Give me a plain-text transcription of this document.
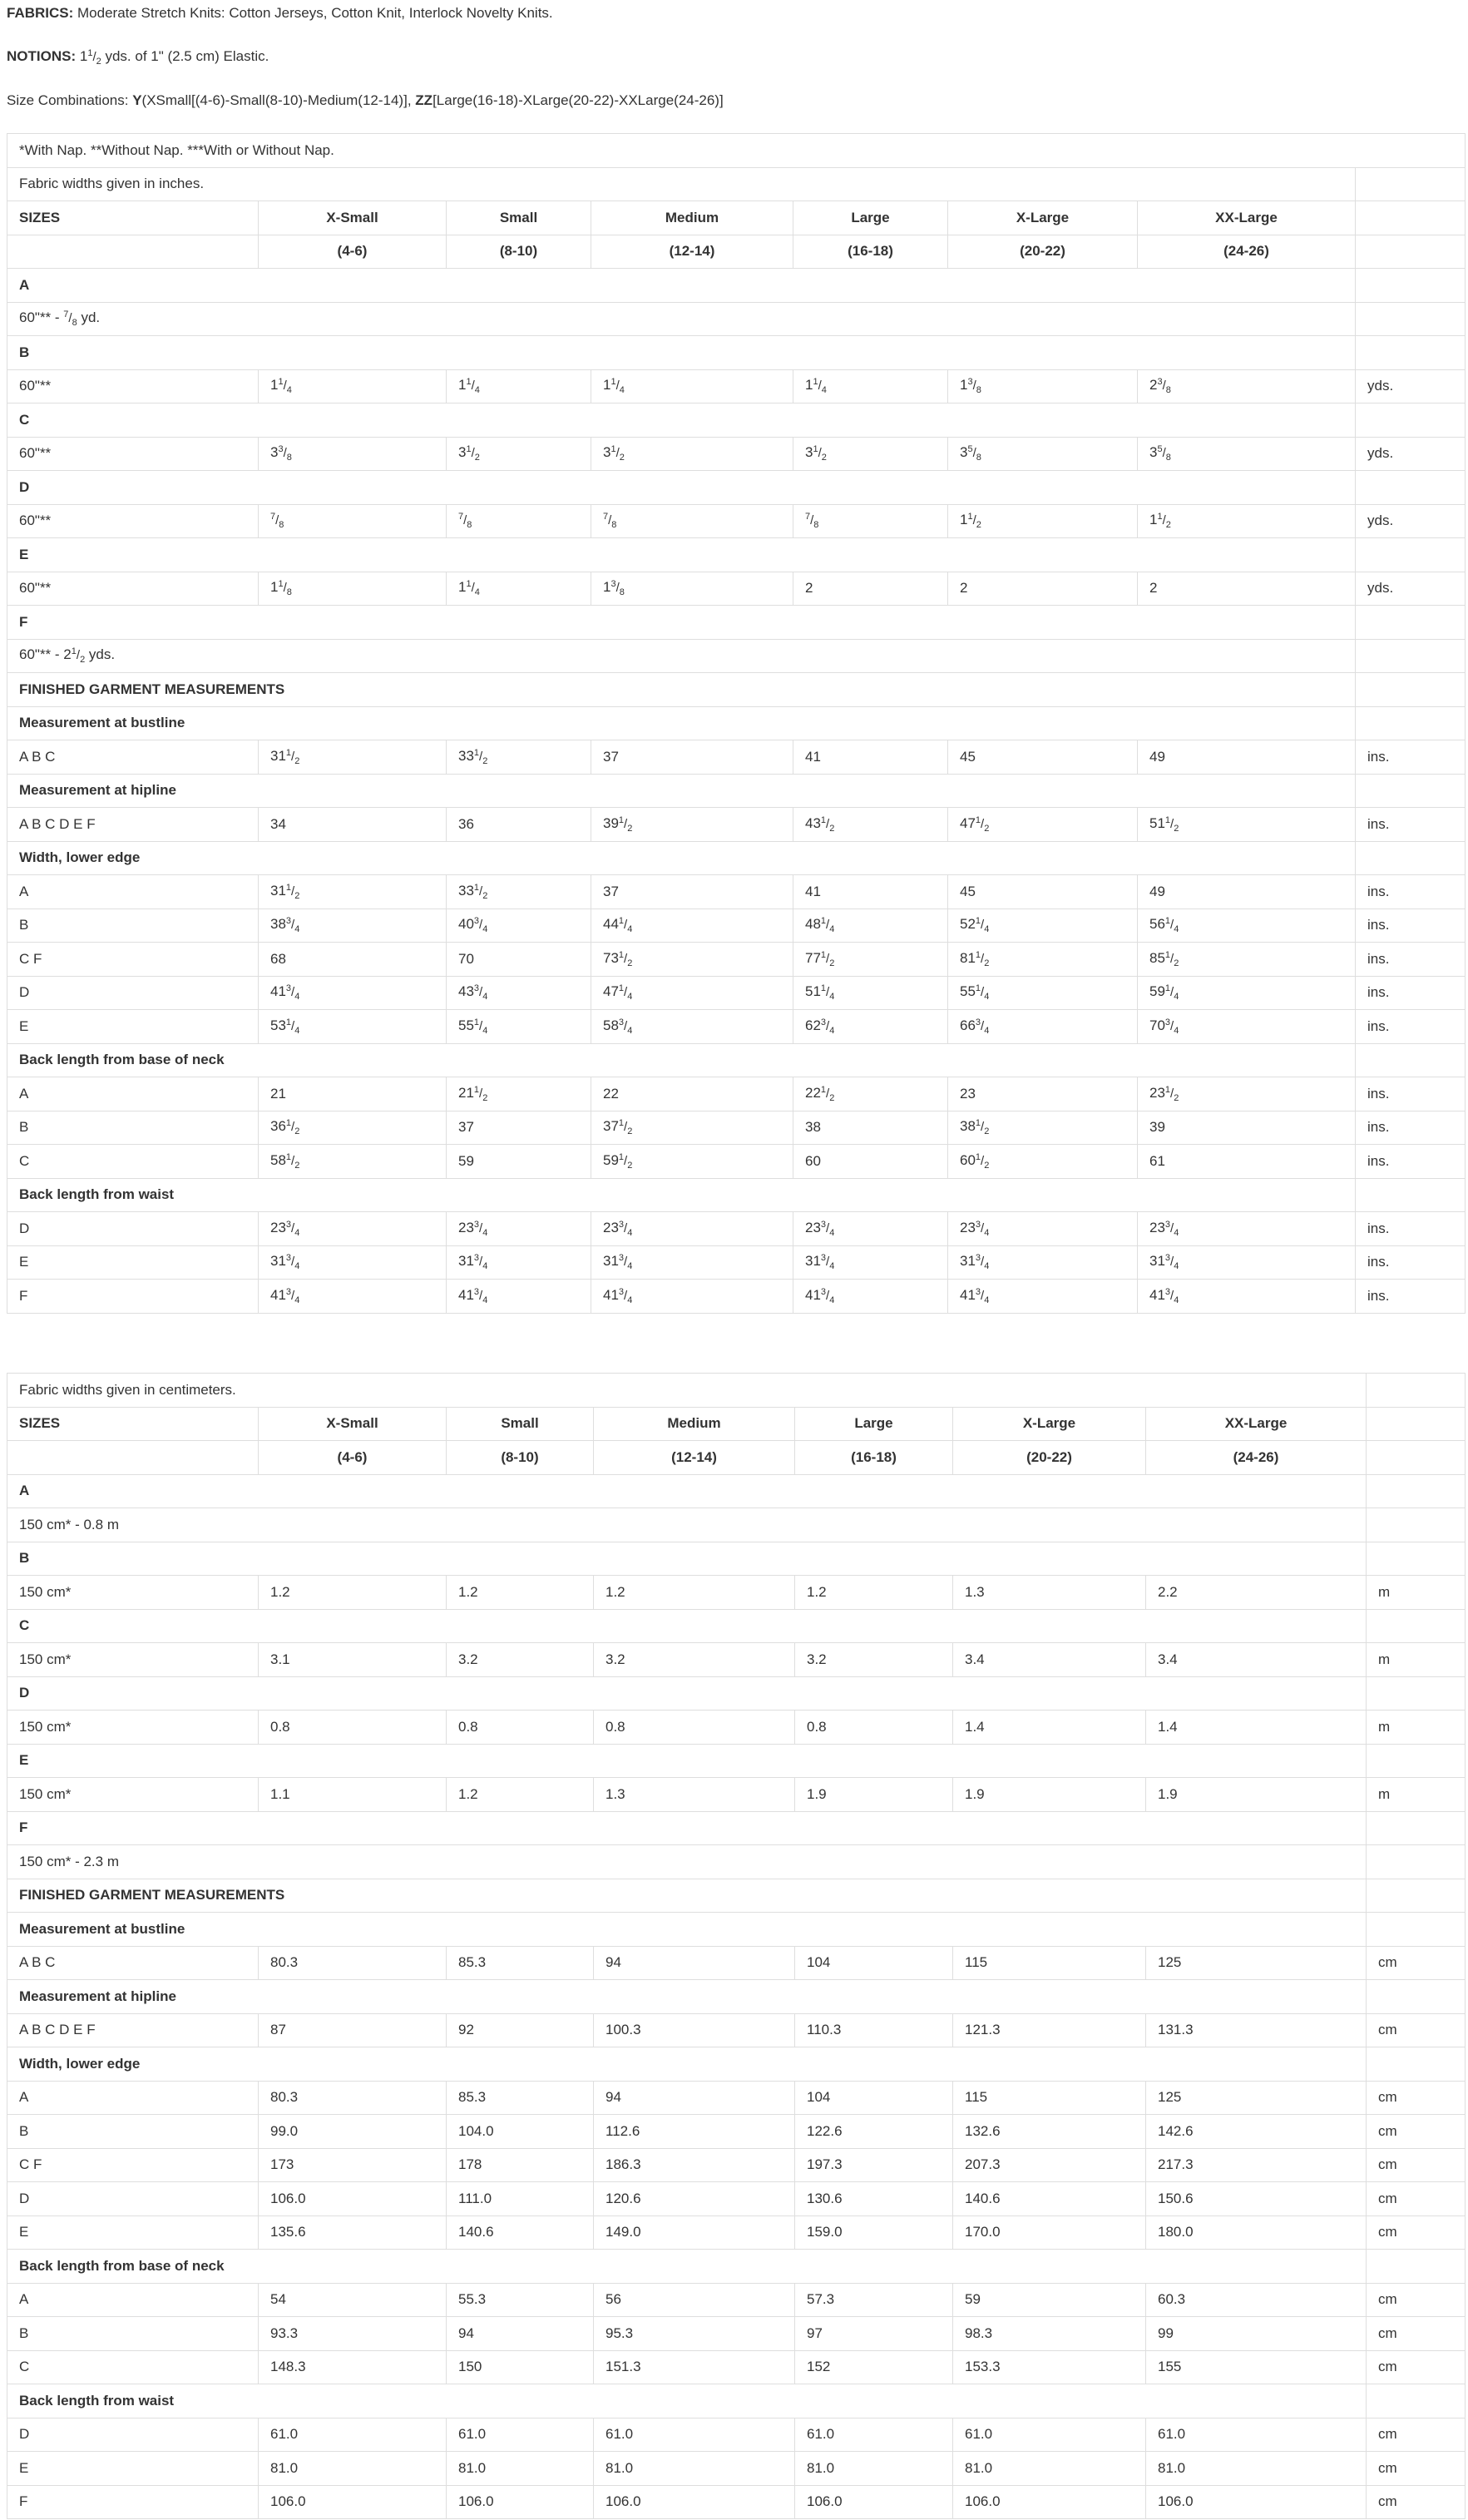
FABRICS: Moderate Stretch Knits: Cotton Jerseys, Cotton Knit, Interlock Novelty Knits.
NOTIONS: $1^1/_2$ yds. of 1" (2.5 cm) Elastic.
Size Combinations: Y(XSmall[(4-6)-Small(8-10)-Medium(12-14)], ZZ[Large(16-18)-XLarge(20-22)-XXLarge(24-26)]
*With Nap. **Without Nap. ***With or Without Nap.							
Fabric widths given in inches.							
SIZES	X-Small	Small	Medium	Large	X-Large	XX-Large	
	(4-6)	(8-10)	(12-14)	(16-18)	(20-22)	(24-26)	
A							
60"** - $^7/_8$ yd.							
B							
60"**	$1^1/_4$	$1^1/_4$	$1^1/_4$	$1^1/_4$	$1^3/_8$	$2^3/_8$	yds.
C							
60"**	$3^3/_8$	$3^1/_2$	$3^1/_2$	$3^1/_2$	$3^5/_8$	$3^5/_8$	yds.
D							
60"**	$^7/_8$	$^7/_8$	$^7/_8$	$^7/_8$	$1^1/_2$	$1^1/_2$	yds.
E							
60"**	$1^1/_8$	$1^1/_4$	$1^3/_8$	2	2	2	yds.
F							
60"** - $2^1/_2$ yds.							
FINISHED GARMENT MEASUREMENTS							
Measurement at bustline							
A B C	$31^1/_2$	$33^1/_2$	37	41	45	49	ins.
Measurement at hipline							
A B C D E F	34	36	$39^1/_2$	$43^1/_2$	$47^1/_2$	$51^1/_2$	ins.
Width, lower edge							
A	$31^1/_2$	$33^1/_2$	37	41	45	49	ins.
B	$38^3/_4$	$40^3/_4$	$44^1/_4$	$48^1/_4$	$52^1/_4$	$56^1/_4$	ins.
C F	68	70	$73^1/_2$	$77^1/_2$	$81^1/_2$	$85^1/_2$	ins.
D	$41^3/_4$	$43^3/_4$	$47^1/_4$	$51^1/_4$	$55^1/_4$	$59^1/_4$	ins.
E	$53^1/_4$	$55^1/_4$	$58^3/_4$	$62^3/_4$	$66^3/_4$	$70^3/_4$	ins.
Back length from base of neck							
A	21	$21^1/_2$	22	$22^1/_2$	23	$23^1/_2$	ins.
B	$36^1/_2$	37	$37^1/_2$	38	$38^1/_2$	39	ins.
C	$58^1/_2$	59	$59^1/_2$	60	$60^1/_2$	61	ins.
Back length from waist							
D	$23^3/_4$	$23^3/_4$	$23^3/_4$	$23^3/_4$	$23^3/_4$	$23^3/_4$	ins.
E	$31^3/_4$	$31^3/_4$	$31^3/_4$	$31^3/_4$	$31^3/_4$	$31^3/_4$	ins.
F	$41^3/_4$	$41^3/_4$	$41^3/_4$	$41^3/_4$	$41^3/_4$	$41^3/_4$	ins.
Fabric widths given in centimeters.							
SIZES	X-Small	Small	Medium	Large	X-Large	XX-Large	
	(4-6)	(8-10)	(12-14)	(16-18)	(20-22)	(24-26)	
A							
150 cm* - 0.8 m							
B							
150 cm*	1.2	1.2	1.2	1.2	1.3	2.2	m
C							
150 cm*	3.1	3.2	3.2	3.2	3.4	3.4	m
D							
150 cm*	0.8	0.8	0.8	0.8	1.4	1.4	m
E							
150 cm*	1.1	1.2	1.3	1.9	1.9	1.9	m
F							
150 cm* - 2.3 m							
FINISHED GARMENT MEASUREMENTS							
Measurement at bustline							
A B C	80.3	85.3	94	104	115	125	cm
Measurement at hipline							
A B C D E F	87	92	100.3	110.3	121.3	131.3	cm
Width, lower edge							
A	80.3	85.3	94	104	115	125	cm
B	99.0	104.0	112.6	122.6	132.6	142.6	cm
C F	173	178	186.3	197.3	207.3	217.3	cm
D	106.0	111.0	120.6	130.6	140.6	150.6	cm
E	135.6	140.6	149.0	159.0	170.0	180.0	cm
Back length from base of neck							
A	54	55.3	56	57.3	59	60.3	cm
B	93.3	94	95.3	97	98.3	99	cm
C	148.3	150	151.3	152	153.3	155	cm
Back length from waist							
D	61.0	61.0	61.0	61.0	61.0	61.0	cm
E	81.0	81.0	81.0	81.0	81.0	81.0	cm
F	106.0	106.0	106.0	106.0	106.0	106.0	cm
